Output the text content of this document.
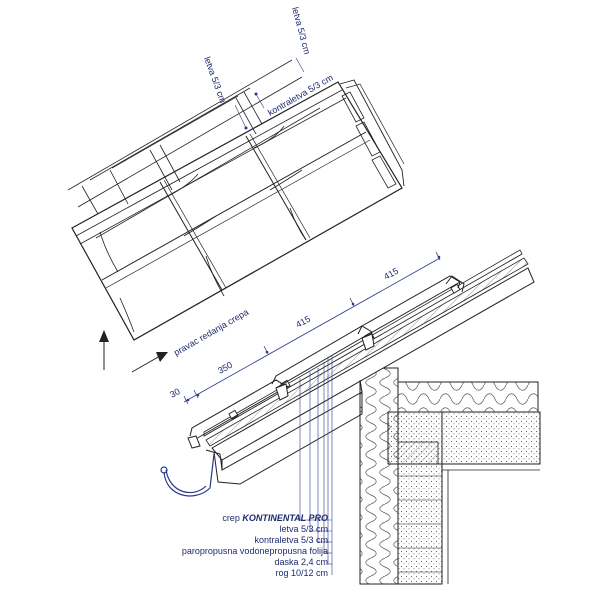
letva 5/3 cm
kontraletva 5/3 cm
letva 5/3 cm
pravac redanja crepa
30
350
415
415
crep KONTINENTAL PRO
letva 5/3 cm
kontraletva 5/3 cm
paropropusna vodonepropusna folija
daska 2,4 cm
rog 10/12 cm
